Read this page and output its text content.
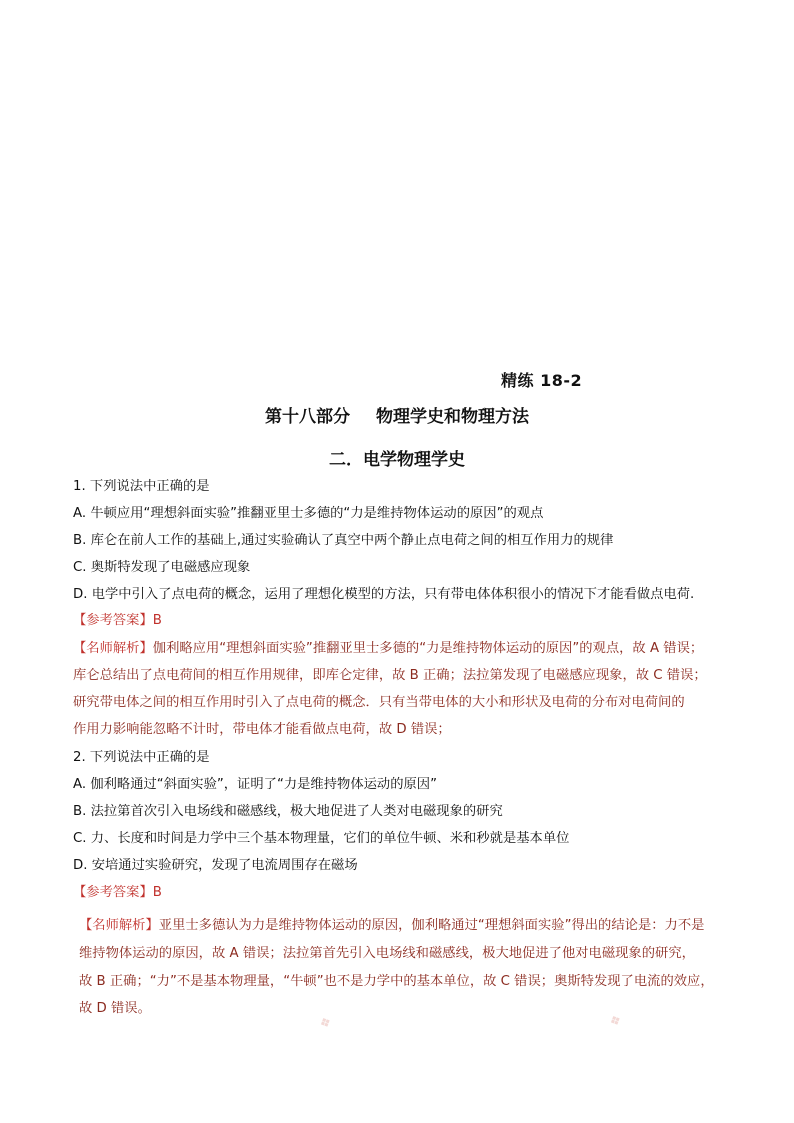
精练 18-2
第十八部分 物理学史和物理方法
二．电学物理学史
1. 下列说法中正确的是
A. 牛顿应用“理想斜面实验”推翻亚里士多德的“力是维持物体运动的原因”的观点
B. 库仑在前人工作的基础上,通过实验确认了真空中两个静止点电荷之间的相互作用力的规律
C. 奥斯特发现了电磁感应现象
D. 电学中引入了点电荷的概念，运用了理想化模型的方法，只有带电体体积很小的情况下才能看做点电荷.
【参考答案】B
【名师解析】伽利略应用“理想斜面实验”推翻亚里士多德的“力是维持物体运动的原因”的观点，故 A 错误；
库仑总结出了点电荷间的相互作用规律，即库仑定律，故 B 正确；法拉第发现了电磁感应现象，故 C 错误；
研究带电体之间的相互作用时引入了点电荷的概念．只有当带电体的大小和形状及电荷的分布对电荷间的
作用力影响能忽略不计时，带电体才能看做点电荷，故 D 错误；
2. 下列说法中正确的是
A. 伽利略通过“斜面实验”，证明了“力是维持物体运动的原因”
B. 法拉第首次引入电场线和磁感线，极大地促进了人类对电磁现象的研究
C. 力、长度和时间是力学中三个基本物理量，它们的单位牛顿、米和秒就是基本单位
D. 安培通过实验研究，发现了电流周围存在磁场
【参考答案】B
【名师解析】亚里士多德认为力是维持物体运动的原因，伽利略通过“理想斜面实验”得出的结论是：力不是
维持物体运动的原因，故 A 错误；法拉第首先引入电场线和磁感线，极大地促进了他对电磁现象的研究，
故 B 正确；“力”不是基本物理量，“牛顿”也不是力学中的基本单位，故 C 错误；奥斯特发现了电流的效应，
故 D 错误。
❖	❖
